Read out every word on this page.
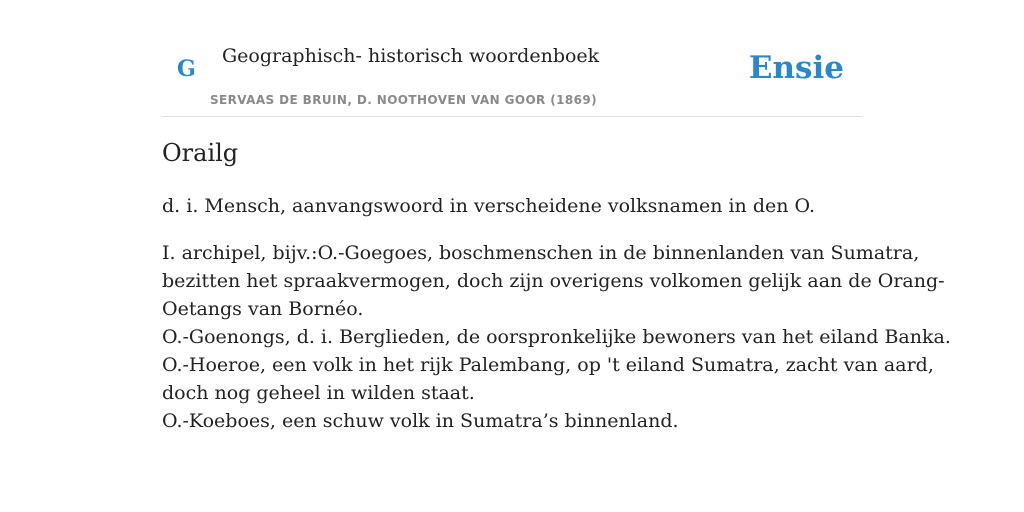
G Geographisch- historisch woordenboek
SERVAAS DE BRUIN, D. NOOTHOVEN VAN GOOR (1869)
Ensie
Orailg
d. i. Mensch, aanvangswoord in verscheidene volksnamen in den O.
I. archipel, bijv.:O.-Goegoes, boschmenschen in de binnenlanden van Sumatra,
bezitten het spraakvermogen, doch zijn overigens volkomen gelijk aan de Orang-
Oetangs van Bornéo.
O.-Goenongs, d. i. Berglieden, de oorspronkelijke bewoners van het eiland Banka.
O.-Hoeroe, een volk in het rijk Palembang, op 't eiland Sumatra, zacht van aard,
doch nog geheel in wilden staat.
O.-Koeboes, een schuw volk in Sumatra’s binnenland.
